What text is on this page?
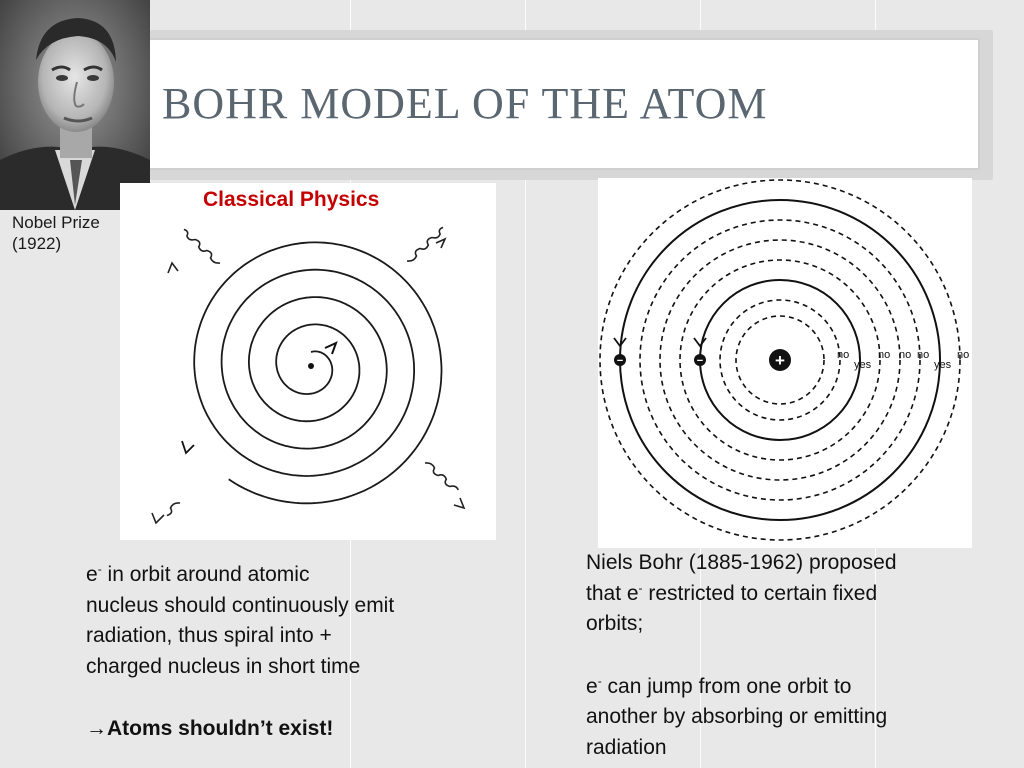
BOHR MODEL OF THE ATOM
Nobel Prize
(1922)
Classical Physics
+
−
−	no
yes
no no no
yes
no

e- in orbit around atomic

nucleus should continuously emit

radiation, thus spiral into +

charged nucleus in short time

→Atoms shouldn’t exist!

Niels Bohr (1885-1962) proposed

that e- restricted to certain fixed

orbits;

e- can jump from one orbit to

another by absorbing or emitting

radiation
